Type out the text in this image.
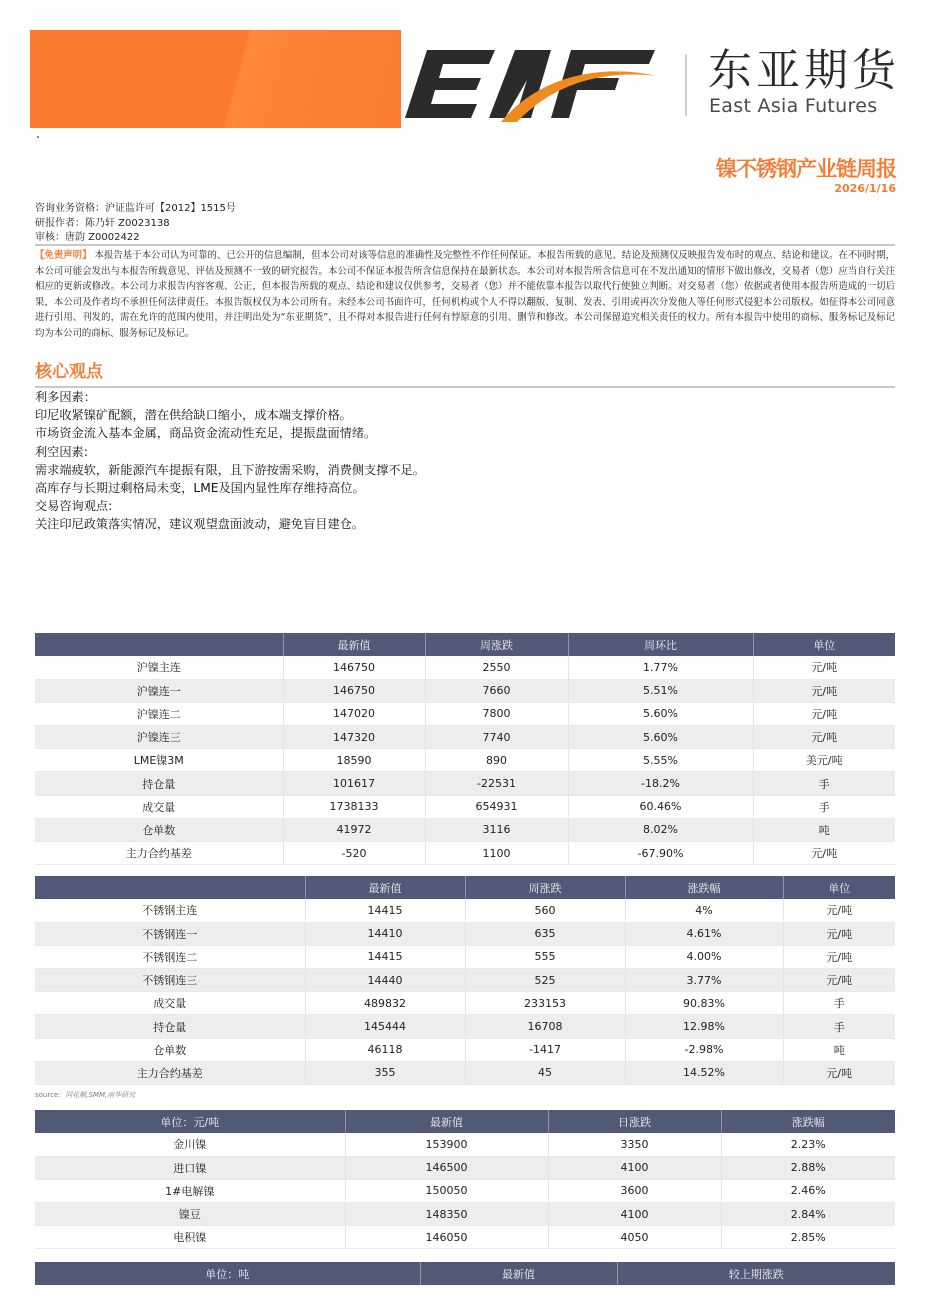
东亚期货
East Asia Futures
镍不锈钢产业链周报
2026/1/16
咨询业务资格：沪证监许可【2012】1515号
研报作者：陈乃轩 Z0023138
审核：唐韵 Z0002422
【免责声明】 本报告基于本公司认为可靠的、已公开的信息编制，但本公司对该等信息的准确性及完整性不作任何保证。本报告所载的意见、结论及预测仅反映报告发布时的观点、结论和建议。在不同时期，本公司可能会发出与本报告所载意见、评估及预测不一致的研究报告。本公司不保证本报告所含信息保持在最新状态。本公司对本报告所含信息可在不发出通知的情形下做出修改，交易者（您）应当自行关注相应的更新或修改。本公司力求报告内容客观、公正，但本报告所载的观点、结论和建议仅供参考，交易者（您）并不能依靠本报告以取代行使独立判断。对交易者（您）依据或者使用本报告所造成的一切后果，本公司及作者均不承担任何法律责任。本报告版权仅为本公司所有。未经本公司书面许可，任何机构或个人不得以翻版、复制、发表、引用或再次分发他人等任何形式侵犯本公司版权。如征得本公司同意进行引用、刊发的，需在允许的范围内使用，并注明出处为“东亚期货”，且不得对本报告进行任何有悖原意的引用、删节和修改。本公司保留追究相关责任的权力。所有本报告中使用的商标、服务标记及标记均为本公司的商标、服务标记及标记。
核心观点
利多因素：
印尼收紧镍矿配额，潜在供给缺口缩小，成本端支撑价格。
市场资金流入基本金属，商品资金流动性充足，提振盘面情绪。
利空因素:
需求端疲软，新能源汽车提振有限，且下游按需采购，消费侧支撑不足。
高库存与长期过剩格局未变，LME及国内显性库存维持高位。
交易咨询观点:
关注印尼政策落实情况，建议观望盘面波动，避免盲目建仓。
	最新值	周涨跌	周环比	单位
沪镍主连	146750	2550	1.77%	元/吨
沪镍连一	146750	7660	5.51%	元/吨
沪镍连二	147020	7800	5.60%	元/吨
沪镍连三	147320	7740	5.60%	元/吨
LME镍3M	18590	890	5.55%	美元/吨
持仓量	101617	-22531	-18.2%	手
成交量	1738133	654931	60.46%	手
仓单数	41972	3116	8.02%	吨
主力合约基差	-520	1100	-67.90%	元/吨
	最新值	周涨跌	涨跌幅	单位
不锈钢主连	14415	560	4%	元/吨
不锈钢连一	14410	635	4.61%	元/吨
不锈钢连二	14415	555	4.00%	元/吨
不锈钢连三	14440	525	3.77%	元/吨
成交量	489832	233153	90.83%	手
持仓量	145444	16708	12.98%	手
仓单数	46118	-1417	-2.98%	吨
主力合约基差	355	45	14.52%	元/吨
source：同花顺,SMM,南华研究
单位：元/吨	最新值	日涨跌	涨跌幅
金川镍	153900	3350	2.23%
进口镍	146500	4100	2.88%
1#电解镍	150050	3600	2.46%
镍豆	148350	4100	2.84%
电积镍	146050	4050	2.85%
单位：吨	最新值	较上期涨跌
